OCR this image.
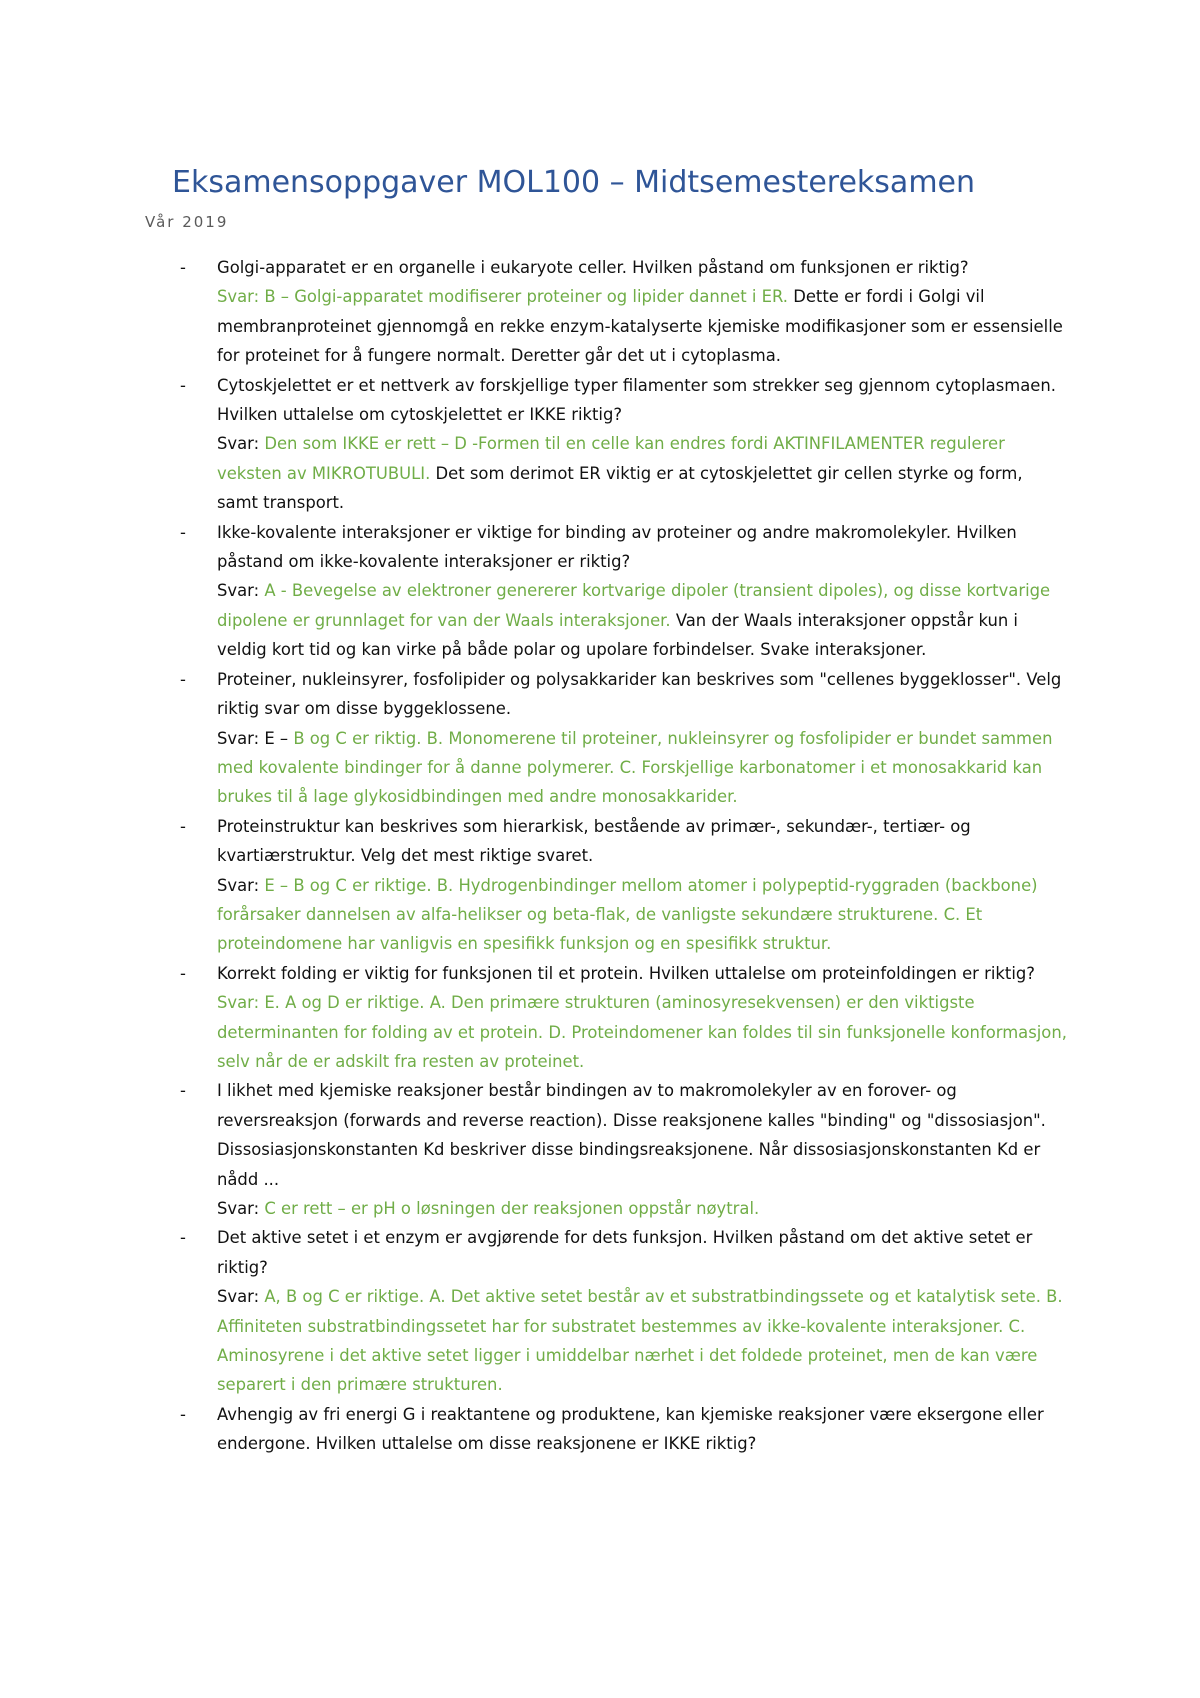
Eksamensoppgaver MOL100 – Midtsemestereksamen
Vår 2019
- Golgi-apparatet er en organelle i eukaryote celler. Hvilken påstand om funksjonen er riktig?
Svar: B – Golgi-apparatet modifiserer proteiner og lipider dannet i ER. Dette er fordi i Golgi vil membranproteinet gjennomgå en rekke enzym-katalyserte kjemiske modifikasjoner som er essensielle for proteinet for å fungere normalt. Deretter går det ut i cytoplasma.
- Cytoskjelettet er et nettverk av forskjellige typer filamenter som strekker seg gjennom cytoplasmaen. Hvilken uttalelse om cytoskjelettet er IKKE riktig?
Svar: Den som IKKE er rett – D -Formen til en celle kan endres fordi AKTINFILAMENTER regulerer veksten av MIKROTUBULI. Det som derimot ER viktig er at cytoskjelettet gir cellen styrke og form, samt transport.
- Ikke-kovalente interaksjoner er viktige for binding av proteiner og andre makromolekyler. Hvilken påstand om ikke-kovalente interaksjoner er riktig?
Svar: A - Bevegelse av elektroner genererer kortvarige dipoler (transient dipoles), og disse kortvarige dipolene er grunnlaget for van der Waals interaksjoner. Van der Waals interaksjoner oppstår kun i veldig kort tid og kan virke på både polar og upolare forbindelser. Svake interaksjoner.
- Proteiner, nukleinsyrer, fosfolipider og polysakkarider kan beskrives som "cellenes byggeklosser". Velg riktig svar om disse byggeklossene.
Svar: E – B og C er riktig. B. Monomerene til proteiner, nukleinsyrer og fosfolipider er bundet sammen med kovalente bindinger for å danne polymerer. C. Forskjellige karbonatomer i et monosakkarid kan brukes til å lage glykosidbindingen med andre monosakkarider.
- Proteinstruktur kan beskrives som hierarkisk, bestående av primær-, sekundær-, tertiær- og kvartiærstruktur. Velg det mest riktige svaret.
Svar: E – B og C er riktige. B. Hydrogenbindinger mellom atomer i polypeptid-ryggraden (backbone) forårsaker dannelsen av alfa-helikser og beta-flak, de vanligste sekundære strukturene. C. Et proteindomene har vanligvis en spesifikk funksjon og en spesifikk struktur.
- Korrekt folding er viktig for funksjonen til et protein. Hvilken uttalelse om proteinfoldingen er riktig?
Svar: E. A og D er riktige. A. Den primære strukturen (aminosyresekvensen) er den viktigste determinanten for folding av et protein. D. Proteindomener kan foldes til sin funksjonelle konformasjon, selv når de er adskilt fra resten av proteinet.
- I likhet med kjemiske reaksjoner består bindingen av to makromolekyler av en forover- og reversreaksjon (forwards and reverse reaction). Disse reaksjonene kalles "binding" og "dissosiasjon". Dissosiasjonskonstanten Kd beskriver disse bindingsreaksjonene. Når dissosiasjonskonstanten Kd er nådd ...
Svar: C er rett – er pH o løsningen der reaksjonen oppstår nøytral.
- Det aktive setet i et enzym er avgjørende for dets funksjon. Hvilken påstand om det aktive setet er riktig?
Svar: A, B og C er riktige. A. Det aktive setet består av et substratbindingssete og et katalytisk sete. B. Affiniteten substratbindingssetet har for substratet bestemmes av ikke-kovalente interaksjoner. C. Aminosyrene i det aktive setet ligger i umiddelbar nærhet i det foldede proteinet, men de kan være separert i den primære strukturen.
- Avhengig av fri energi G i reaktantene og produktene, kan kjemiske reaksjoner være eksergone eller endergone. Hvilken uttalelse om disse reaksjonene er IKKE riktig?
